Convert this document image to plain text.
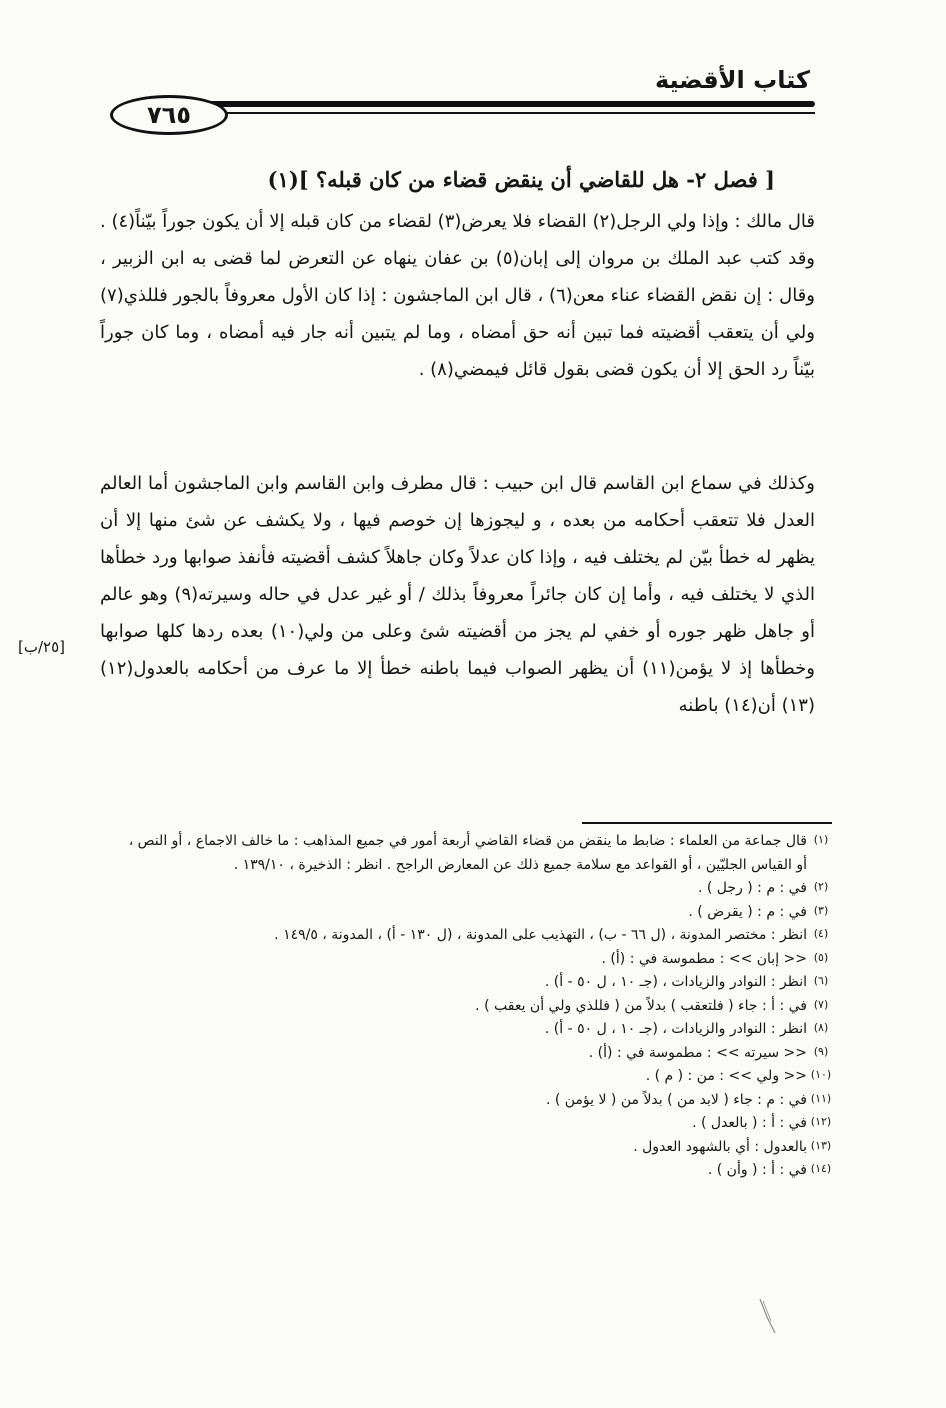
كتاب الأقضية
٧٦٥
[ فصل ٢- هل للقاضي أن ينقض قضاء من كان قبله؟ ](١)
قال مالك : وإذا ولي الرجل(٢) القضاء فلا يعرض(٣) لقضاء من كان قبله إلا أن يكون جوراً بيّناً(٤) . وقد كتب عبد الملك بن مروان إلى إبان(٥) بن عفان ينهاه عن التعرض لما قضى به ابن الزبير ، وقال : إن نقض القضاء عناء معن(٦) ، قال ابن الماجشون : إذا كان الأول معروفاً بالجور فللذي(٧) ولي أن يتعقب أقضيته فما تبين أنه حق أمضاه ، وما لم يتبين أنه جار فيه أمضاه ، وما كان جوراً بيّناً رد الحق إلا أن يكون قضى بقول قائل فيمضي(٨) .
وكذلك في سماع ابن القاسم قال ابن حبيب : قال مطرف وابن القاسم وابن الماجشون أما العالم العدل فلا تتعقب أحكامه من بعده ، و ليجوزها إن خوصم فيها ، ولا يكشف عن شئ منها إلا أن يظهر له خطأ بيّن لم يختلف فيه ، وإذا كان عدلاً وكان جاهلاً كشف أقضيته فأنفذ صوابها ورد خطأها الذي لا يختلف فيه ، وأما إن كان جائراً معروفاً بذلك / أو غير عدل في حاله وسيرته(٩) وهو عالم أو جاهل ظهر جوره أو خفي لم يجز من أقضيته شئ وعلى من ولي(١٠) بعده ردها كلها صوابها وخطأها إذ لا يؤمن(١١) أن يظهر الصواب فيما باطنه خطأ إلا ما عرف من أحكامه بالعدول(١٢)(١٣) أن(١٤) باطنه
[٢٥/ب]
(١)
قال جماعة من العلماء : ضابط ما ينقض من قضاء القاضي أربعة أمور في جميع المذاهب : ما خالف الاجماع ، أو النص ، أو القياس الجليّين ، أو القواعد مع سلامة جميع ذلك عن المعارض الراجح . انظر : الذخيرة ، ١٣٩/١٠ .
(٢)
في : م : ( رجل ) .
(٣)
في : م : ( يقرض ) .
(٤)
انظر : مختصر المدونة ، (ل ٦٦ - ب) ، التهذيب على المدونة ، (ل ١٣٠ - أ) ، المدونة ، ١٤٩/٥ .
(٥)
<< إبان >> : مطموسة في : (أ) .
(٦)
انظر : النوادر والزيادات ، (جـ ١٠ ، ل ٥٠ - أ) .
(٧)
في : أ : جاء ( فلتعقب ) بدلاً من ( فللذي ولي أن يعقب ) .
(٨)
انظر : النوادر والزيادات ، (جـ ١٠ ، ل ٥٠ - أ) .
(٩)
<< سيرته >> : مطموسة في : (أ) .
(١٠)
<< ولي >> : من : ( م ) .
(١١)
في : م : جاء ( لابد من ) بدلاً من ( لا يؤمن ) .
(١٢)
في : أ : ( بالعدل ) .
(١٣)
بالعدول : أي بالشهود العدول .
(١٤)
في : أ : ( وأن ) .
